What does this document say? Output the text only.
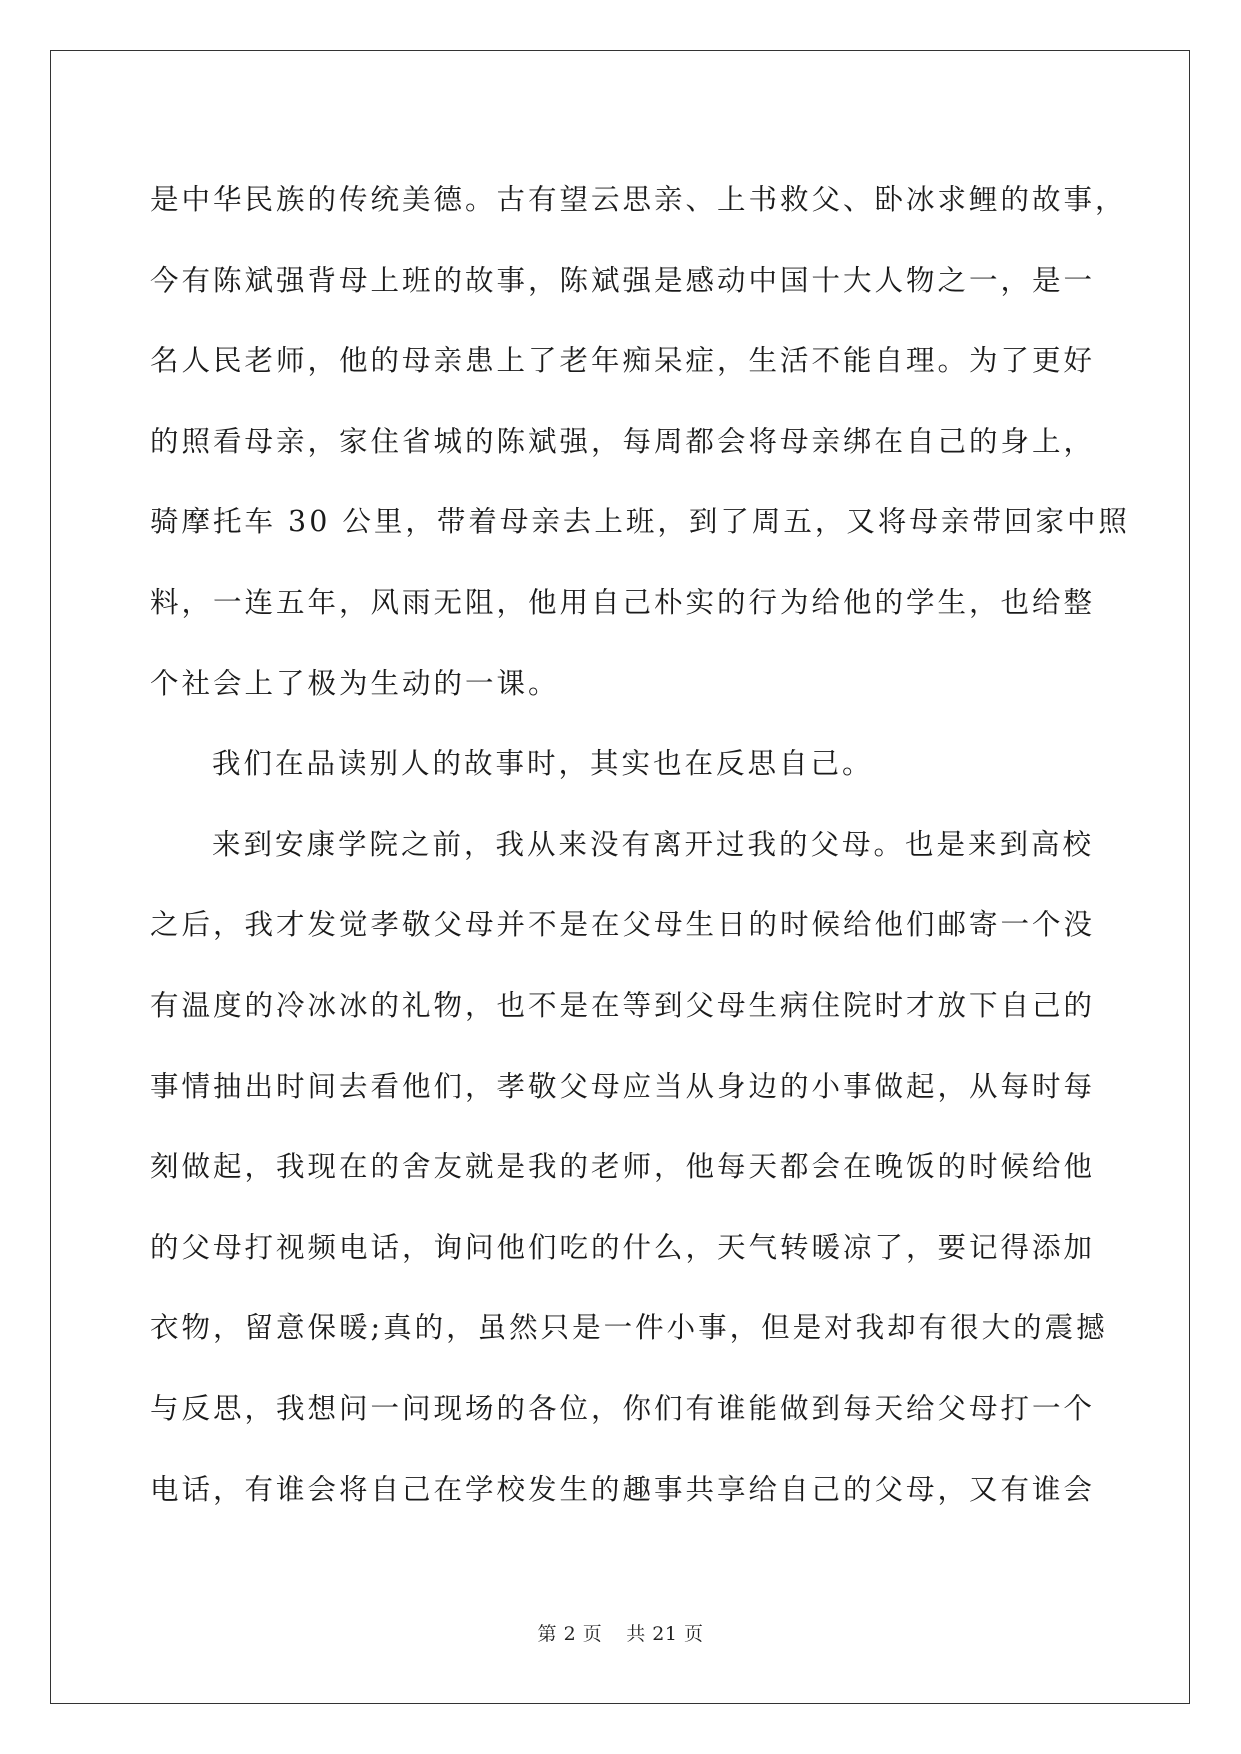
是中华民族的传统美德。古有望云思亲、上书救父、卧冰求鲤的故事，
今有陈斌强背母上班的故事，陈斌强是感动中国十大人物之一，是一
名人民老师，他的母亲患上了老年痴呆症，生活不能自理。为了更好
的照看母亲，家住省城的陈斌强，每周都会将母亲绑在自己的身上，
骑摩托车 30 公里，带着母亲去上班，到了周五，又将母亲带回家中照
料，一连五年，风雨无阻，他用自己朴实的行为给他的学生，也给整
个社会上了极为生动的一课。
我们在品读别人的故事时，其实也在反思自己。
来到安康学院之前，我从来没有离开过我的父母。也是来到高校
之后，我才发觉孝敬父母并不是在父母生日的时候给他们邮寄一个没
有温度的冷冰冰的礼物，也不是在等到父母生病住院时才放下自己的
事情抽出时间去看他们，孝敬父母应当从身边的小事做起，从每时每
刻做起，我现在的舍友就是我的老师，他每天都会在晚饭的时候给他
的父母打视频电话，询问他们吃的什么，天气转暖凉了，要记得添加
衣物，留意保暖;真的，虽然只是一件小事，但是对我却有很大的震撼
与反思，我想问一问现场的各位，你们有谁能做到每天给父母打一个
电话，有谁会将自己在学校发生的趣事共享给自己的父母，又有谁会
第 2 页 共 21 页
